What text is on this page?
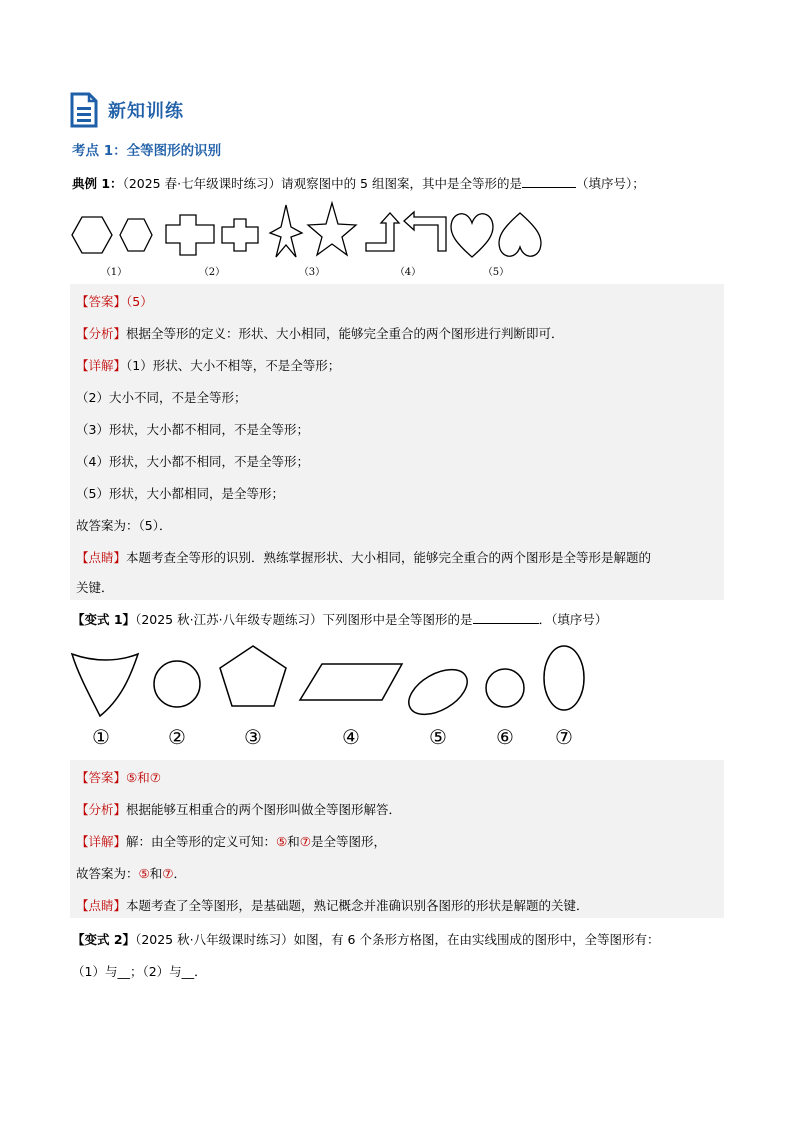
新知训练
考点 1：全等图形的识别
典例 1：（2025 春·七年级课时练习）请观察图中的 5 组图案，其中是全等形的是	（填序号）；
（1）	（2）	（3）	（4）	（5）
【答案】（5）
【分析】根据全等形的定义：形状、大小相同，能够完全重合的两个图形进行判断即可．
【详解】（1）形状、大小不相等，不是全等形；
（2）大小不同，不是全等形；
（3）形状，大小都不相同，不是全等形；
（4）形状，大小都不相同，不是全等形；
（5）形状，大小都相同，是全等形；
故答案为：（5）．
【点睛】本题考查全等形的识别．熟练掌握形状、大小相同，能够完全重合的两个图形是全等形是解题的
关键．
【变式 1】（2025 秋·江苏·八年级专题练习）下列图形中是全等图形的是	．（填序号）
①	②	③	④	⑤ ⑥ ⑦
【答案】⑤和⑦
【分析】根据能够互相重合的两个图形叫做全等图形解答．
【详解】解：由全等形的定义可知：⑤和⑦是全等图形，
故答案为：⑤和⑦．
【点睛】本题考查了全等图形，是基础题，熟记概念并准确识别各图形的形状是解题的关键．
【变式 2】（2025 秋·八年级课时练习）如图，有 6 个条形方格图，在由实线围成的图形中，全等图形有：
（1）与__；（2）与__．
